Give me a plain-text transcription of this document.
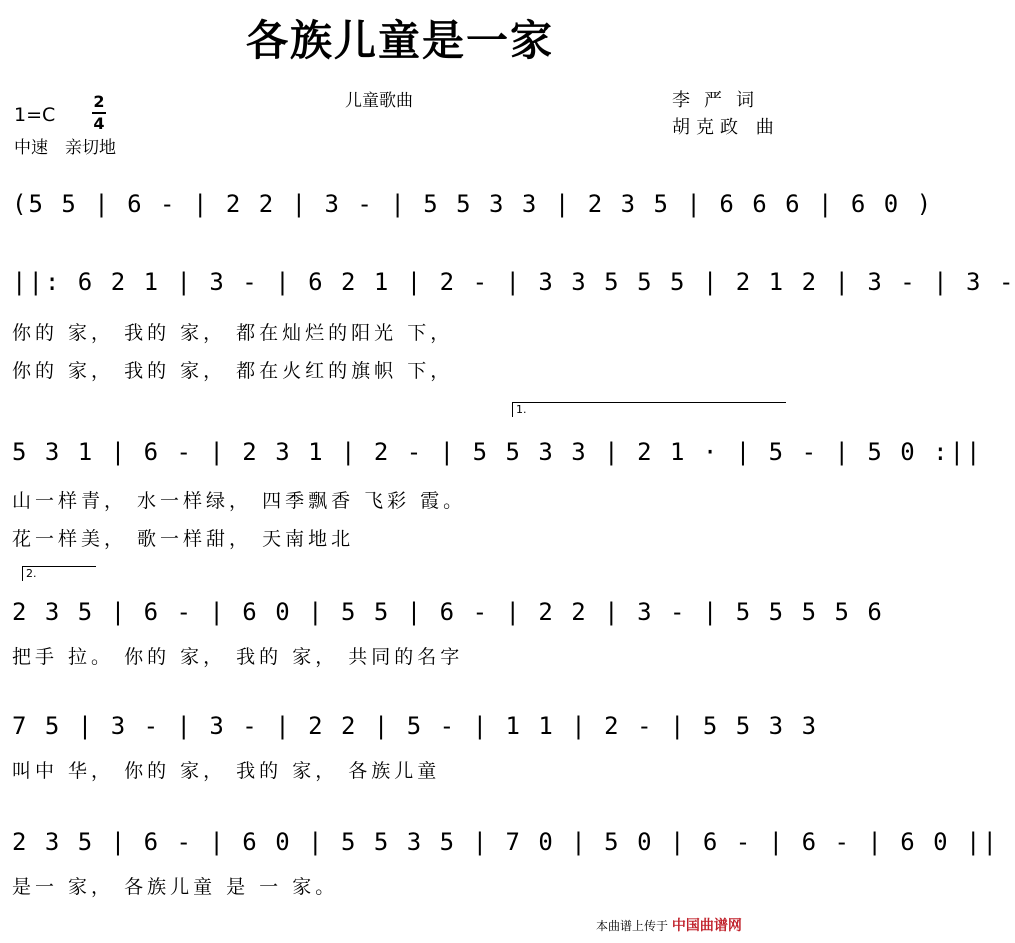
各族儿童是一家
儿童歌曲
1=C
2
4
中速　亲切地
李严词
胡克政 曲
(5 5 | 6 - | 2 2 | 3 - | 5 5 3 3 | 2 3 5 | 6 6 6 | 6 0 )
||: 6 2 1 | 3 - | 6 2 1 | 2 - | 3 3 5 5 5 | 2 1 2 | 3 - | 3 -
你的 家， 我的 家， 都在灿烂的阳光 下，
你的 家， 我的 家， 都在火红的旗帜 下，
1.
5 3 1 | 6 - | 2 3 1 | 2 - | 5 5 3 3 | 2 1 · | 5 - | 5 0 :||
山一样青， 水一样绿， 四季飘香 飞彩 霞。
花一样美， 歌一样甜， 天南地北
2.
2 3 5 | 6 - | 6 0 | 5 5 | 6 - | 2 2 | 3 - | 5 5 5 5 6
把手 拉。 你的 家， 我的 家， 共同的名字
7 5 | 3 - | 3 - | 2 2 | 5 - | 1 1 | 2 - | 5 5 3 3
叫中 华， 你的 家， 我的 家， 各族儿童
2 3 5 | 6 - | 6 0 | 5 5 3 5 | 7 0 | 5 0 | 6 - | 6 - | 6 0 ||
是一 家， 各族儿童 是 一 家。
本曲谱上传于 中国曲谱网
